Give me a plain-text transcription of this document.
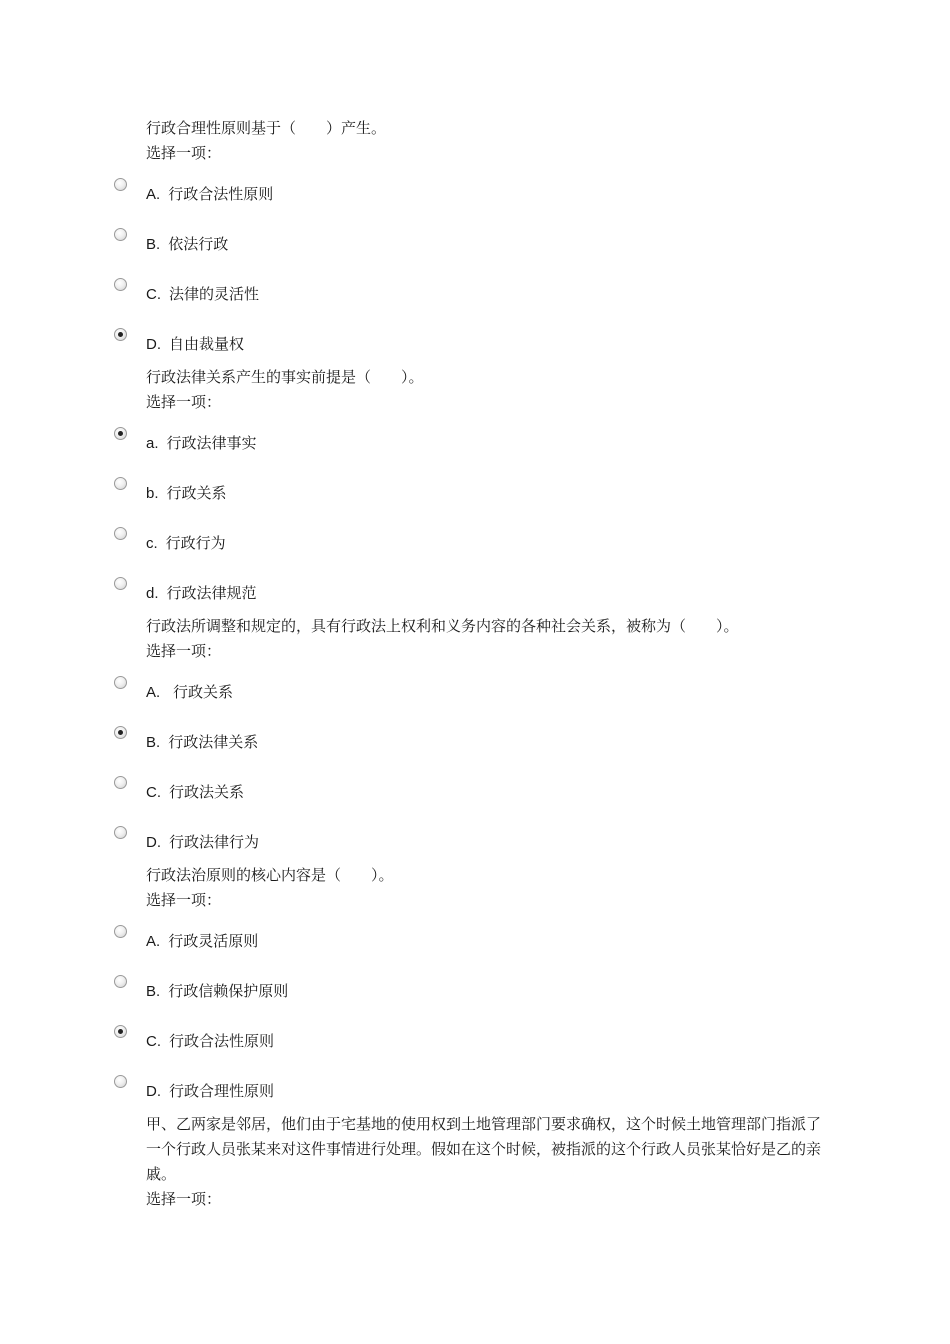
行政合理性原则基于（　　）产生。
选择一项：
A. 行政合法性原则
B. 依法行政
C. 法律的灵活性
D. 自由裁量权
行政法律关系产生的事实前提是（　　）。
选择一项：
a. 行政法律事实
b. 行政关系
c. 行政行为
d. 行政法律规范
行政法所调整和规定的，具有行政法上权利和义务内容的各种社会关系，被称为（　　）。
选择一项：
A. 行政关系
B. 行政法律关系
C. 行政法关系
D. 行政法律行为
行政法治原则的核心内容是（　　）。
选择一项：
A. 行政灵活原则
B. 行政信赖保护原则
C. 行政合法性原则
D. 行政合理性原则
甲、乙两家是邻居，他们由于宅基地的使用权到土地管理部门要求确权，这个时候土地管理部门指派了一个行政人员张某来对这件事情进行处理。假如在这个时候，被指派的这个行政人员张某恰好是乙的亲戚。
选择一项：
